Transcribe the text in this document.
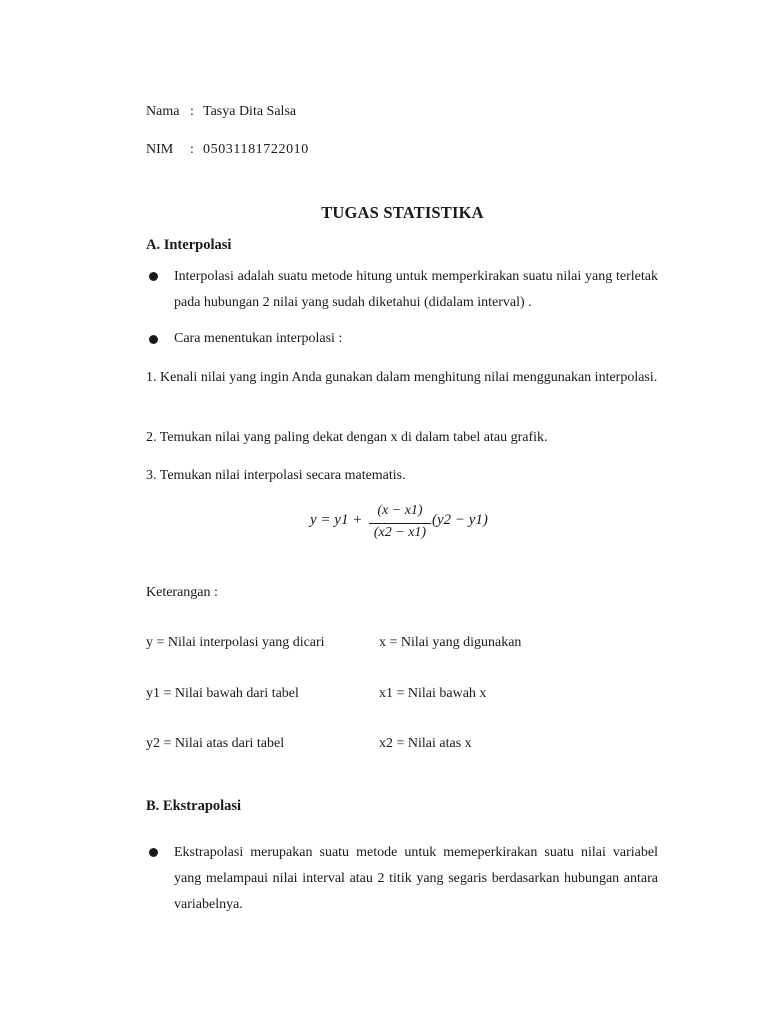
Nama : Tasya Dita Salsa
NIM : 05031181722010
TUGAS STATISTIKA
A. Interpolasi
Interpolasi adalah suatu metode hitung untuk memperkirakan suatu nilai yang terletak pada hubungan 2 nilai yang sudah diketahui (didalam interval) .
Cara menentukan interpolasi :
1. Kenali nilai yang ingin Anda gunakan dalam menghitung nilai menggunakan interpolasi.
2. Temukan nilai yang paling dekat dengan x di dalam tabel atau grafik.
3. Temukan nilai interpolasi secara matematis.
y = y1 +
(x − x1)
(x2 − x1)
(y2 − y1)
Keterangan :
y = Nilai interpolasi yang dicari	x = Nilai yang digunakan
y1 = Nilai bawah dari tabel	x1 = Nilai bawah x
y2 = Nilai atas dari tabel	x2 = Nilai atas x
B. Ekstrapolasi
Ekstrapolasi merupakan suatu metode untuk memeperkirakan suatu nilai variabel yang melampaui nilai interval atau 2 titik yang segaris berdasarkan hubungan antara variabelnya.
